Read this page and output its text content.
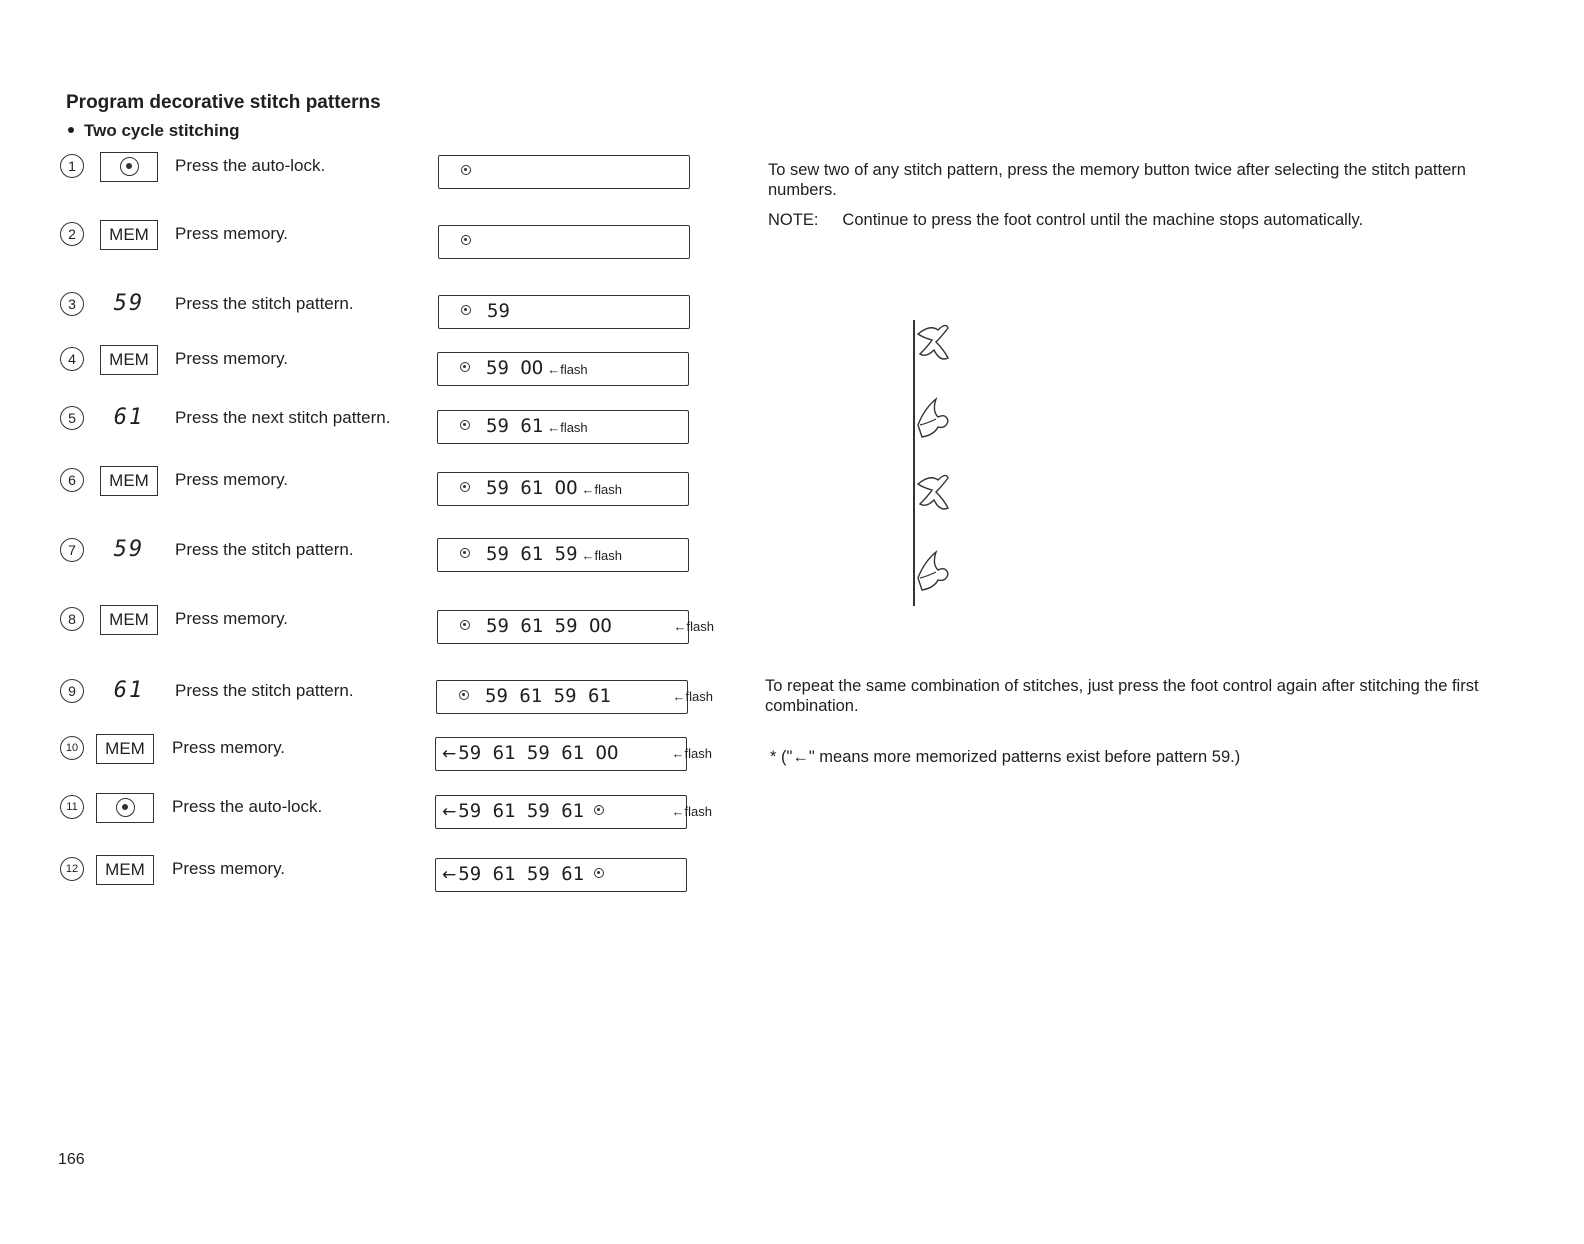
Program decorative stitch patterns
Two cycle stitching
1	Press the auto-lock.
2	MEM	Press memory.
3	59	Press the stitch pattern.	59
4	MEM	Press memory.	59 OO ←flash
5	61	Press the next stitch pattern.	59 61 ←flash
6	MEM	Press memory.	59 61 OO ←flash
7	59	Press the stitch pattern.	59 61 59 ←flash
8	MEM	Press memory.	59 61 59 OO	←flash
9	61	Press the stitch pattern.	59 61 59 61	←flash
10	MEM	Press memory.	← 59 61 59 61 OO	←flash
11	Press the auto-lock.	← 59 61 59 61	←flash
12	MEM	Press memory.	← 59 61 59 61
To sew two of any stitch pattern, press the memory button twice after selecting the stitch pattern numbers.
NOTE: Continue to press the foot control until the machine stops automatically.
To repeat the same combination of stitches, just press the foot control again after stitching the first combination.
* ("←" means more memorized patterns exist before pattern 59.)
166
